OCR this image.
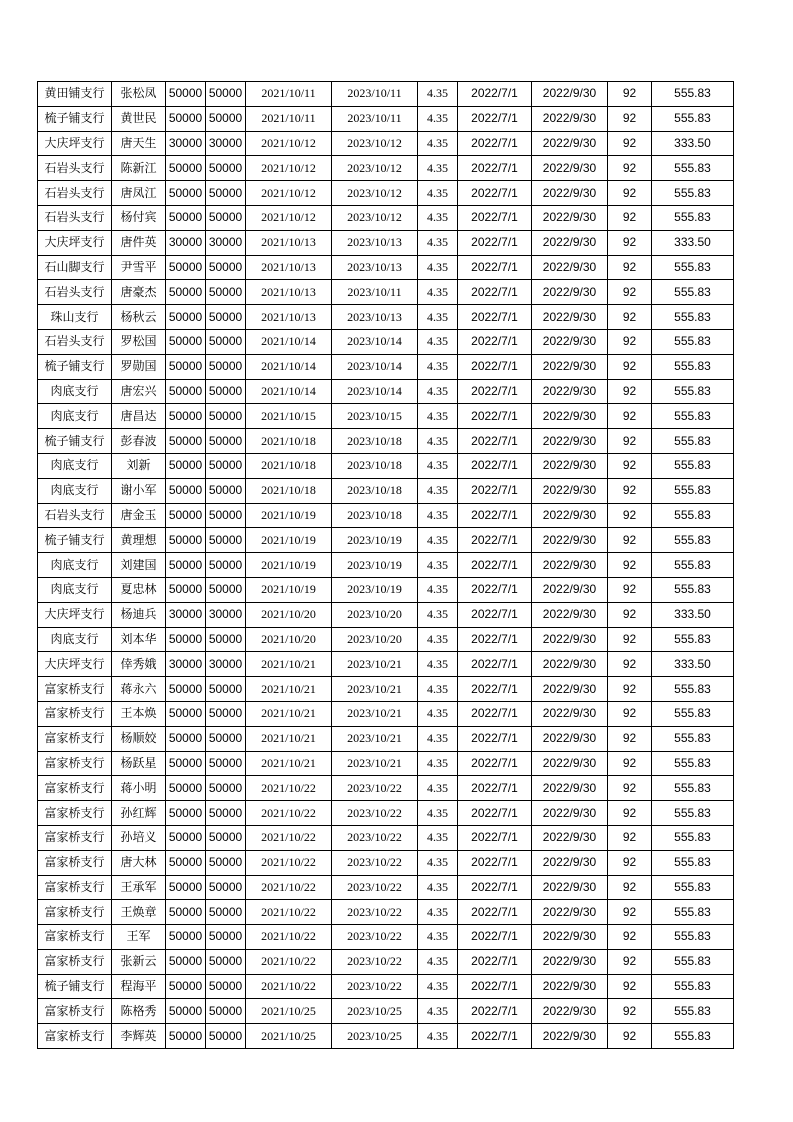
黄田铺支行	张松凤	50000	50000	2021/10/11	2023/10/11	4.35	2022/7/1	2022/9/30	92	555.83
梳子铺支行	黄世民	50000	50000	2021/10/11	2023/10/11	4.35	2022/7/1	2022/9/30	92	555.83
大庆坪支行	唐天生	30000	30000	2021/10/12	2023/10/12	4.35	2022/7/1	2022/9/30	92	333.50
石岩头支行	陈新江	50000	50000	2021/10/12	2023/10/12	4.35	2022/7/1	2022/9/30	92	555.83
石岩头支行	唐凤江	50000	50000	2021/10/12	2023/10/12	4.35	2022/7/1	2022/9/30	92	555.83
石岩头支行	杨付宾	50000	50000	2021/10/12	2023/10/12	4.35	2022/7/1	2022/9/30	92	555.83
大庆坪支行	唐件英	30000	30000	2021/10/13	2023/10/13	4.35	2022/7/1	2022/9/30	92	333.50
石山脚支行	尹雪平	50000	50000	2021/10/13	2023/10/13	4.35	2022/7/1	2022/9/30	92	555.83
石岩头支行	唐豪杰	50000	50000	2021/10/13	2023/10/11	4.35	2022/7/1	2022/9/30	92	555.83
珠山支行	杨秋云	50000	50000	2021/10/13	2023/10/13	4.35	2022/7/1	2022/9/30	92	555.83
石岩头支行	罗松国	50000	50000	2021/10/14	2023/10/14	4.35	2022/7/1	2022/9/30	92	555.83
梳子铺支行	罗勋国	50000	50000	2021/10/14	2023/10/14	4.35	2022/7/1	2022/9/30	92	555.83
肉底支行	唐宏兴	50000	50000	2021/10/14	2023/10/14	4.35	2022/7/1	2022/9/30	92	555.83
肉底支行	唐昌达	50000	50000	2021/10/15	2023/10/15	4.35	2022/7/1	2022/9/30	92	555.83
梳子铺支行	彭春波	50000	50000	2021/10/18	2023/10/18	4.35	2022/7/1	2022/9/30	92	555.83
肉底支行	刘新	50000	50000	2021/10/18	2023/10/18	4.35	2022/7/1	2022/9/30	92	555.83
肉底支行	谢小军	50000	50000	2021/10/18	2023/10/18	4.35	2022/7/1	2022/9/30	92	555.83
石岩头支行	唐金玉	50000	50000	2021/10/19	2023/10/18	4.35	2022/7/1	2022/9/30	92	555.83
梳子铺支行	黄理想	50000	50000	2021/10/19	2023/10/19	4.35	2022/7/1	2022/9/30	92	555.83
肉底支行	刘建国	50000	50000	2021/10/19	2023/10/19	4.35	2022/7/1	2022/9/30	92	555.83
肉底支行	夏忠林	50000	50000	2021/10/19	2023/10/19	4.35	2022/7/1	2022/9/30	92	555.83
大庆坪支行	杨迪兵	30000	30000	2021/10/20	2023/10/20	4.35	2022/7/1	2022/9/30	92	333.50
肉底支行	刘本华	50000	50000	2021/10/20	2023/10/20	4.35	2022/7/1	2022/9/30	92	555.83
大庆坪支行	倖秀娥	30000	30000	2021/10/21	2023/10/21	4.35	2022/7/1	2022/9/30	92	333.50
富家桥支行	蒋永六	50000	50000	2021/10/21	2023/10/21	4.35	2022/7/1	2022/9/30	92	555.83
富家桥支行	王本焕	50000	50000	2021/10/21	2023/10/21	4.35	2022/7/1	2022/9/30	92	555.83
富家桥支行	杨顺姣	50000	50000	2021/10/21	2023/10/21	4.35	2022/7/1	2022/9/30	92	555.83
富家桥支行	杨跃星	50000	50000	2021/10/21	2023/10/21	4.35	2022/7/1	2022/9/30	92	555.83
富家桥支行	蒋小明	50000	50000	2021/10/22	2023/10/22	4.35	2022/7/1	2022/9/30	92	555.83
富家桥支行	孙红辉	50000	50000	2021/10/22	2023/10/22	4.35	2022/7/1	2022/9/30	92	555.83
富家桥支行	孙培义	50000	50000	2021/10/22	2023/10/22	4.35	2022/7/1	2022/9/30	92	555.83
富家桥支行	唐大林	50000	50000	2021/10/22	2023/10/22	4.35	2022/7/1	2022/9/30	92	555.83
富家桥支行	王承军	50000	50000	2021/10/22	2023/10/22	4.35	2022/7/1	2022/9/30	92	555.83
富家桥支行	王焕章	50000	50000	2021/10/22	2023/10/22	4.35	2022/7/1	2022/9/30	92	555.83
富家桥支行	王军	50000	50000	2021/10/22	2023/10/22	4.35	2022/7/1	2022/9/30	92	555.83
富家桥支行	张新云	50000	50000	2021/10/22	2023/10/22	4.35	2022/7/1	2022/9/30	92	555.83
梳子铺支行	程海平	50000	50000	2021/10/22	2023/10/22	4.35	2022/7/1	2022/9/30	92	555.83
富家桥支行	陈格秀	50000	50000	2021/10/25	2023/10/25	4.35	2022/7/1	2022/9/30	92	555.83
富家桥支行	李辉英	50000	50000	2021/10/25	2023/10/25	4.35	2022/7/1	2022/9/30	92	555.83
